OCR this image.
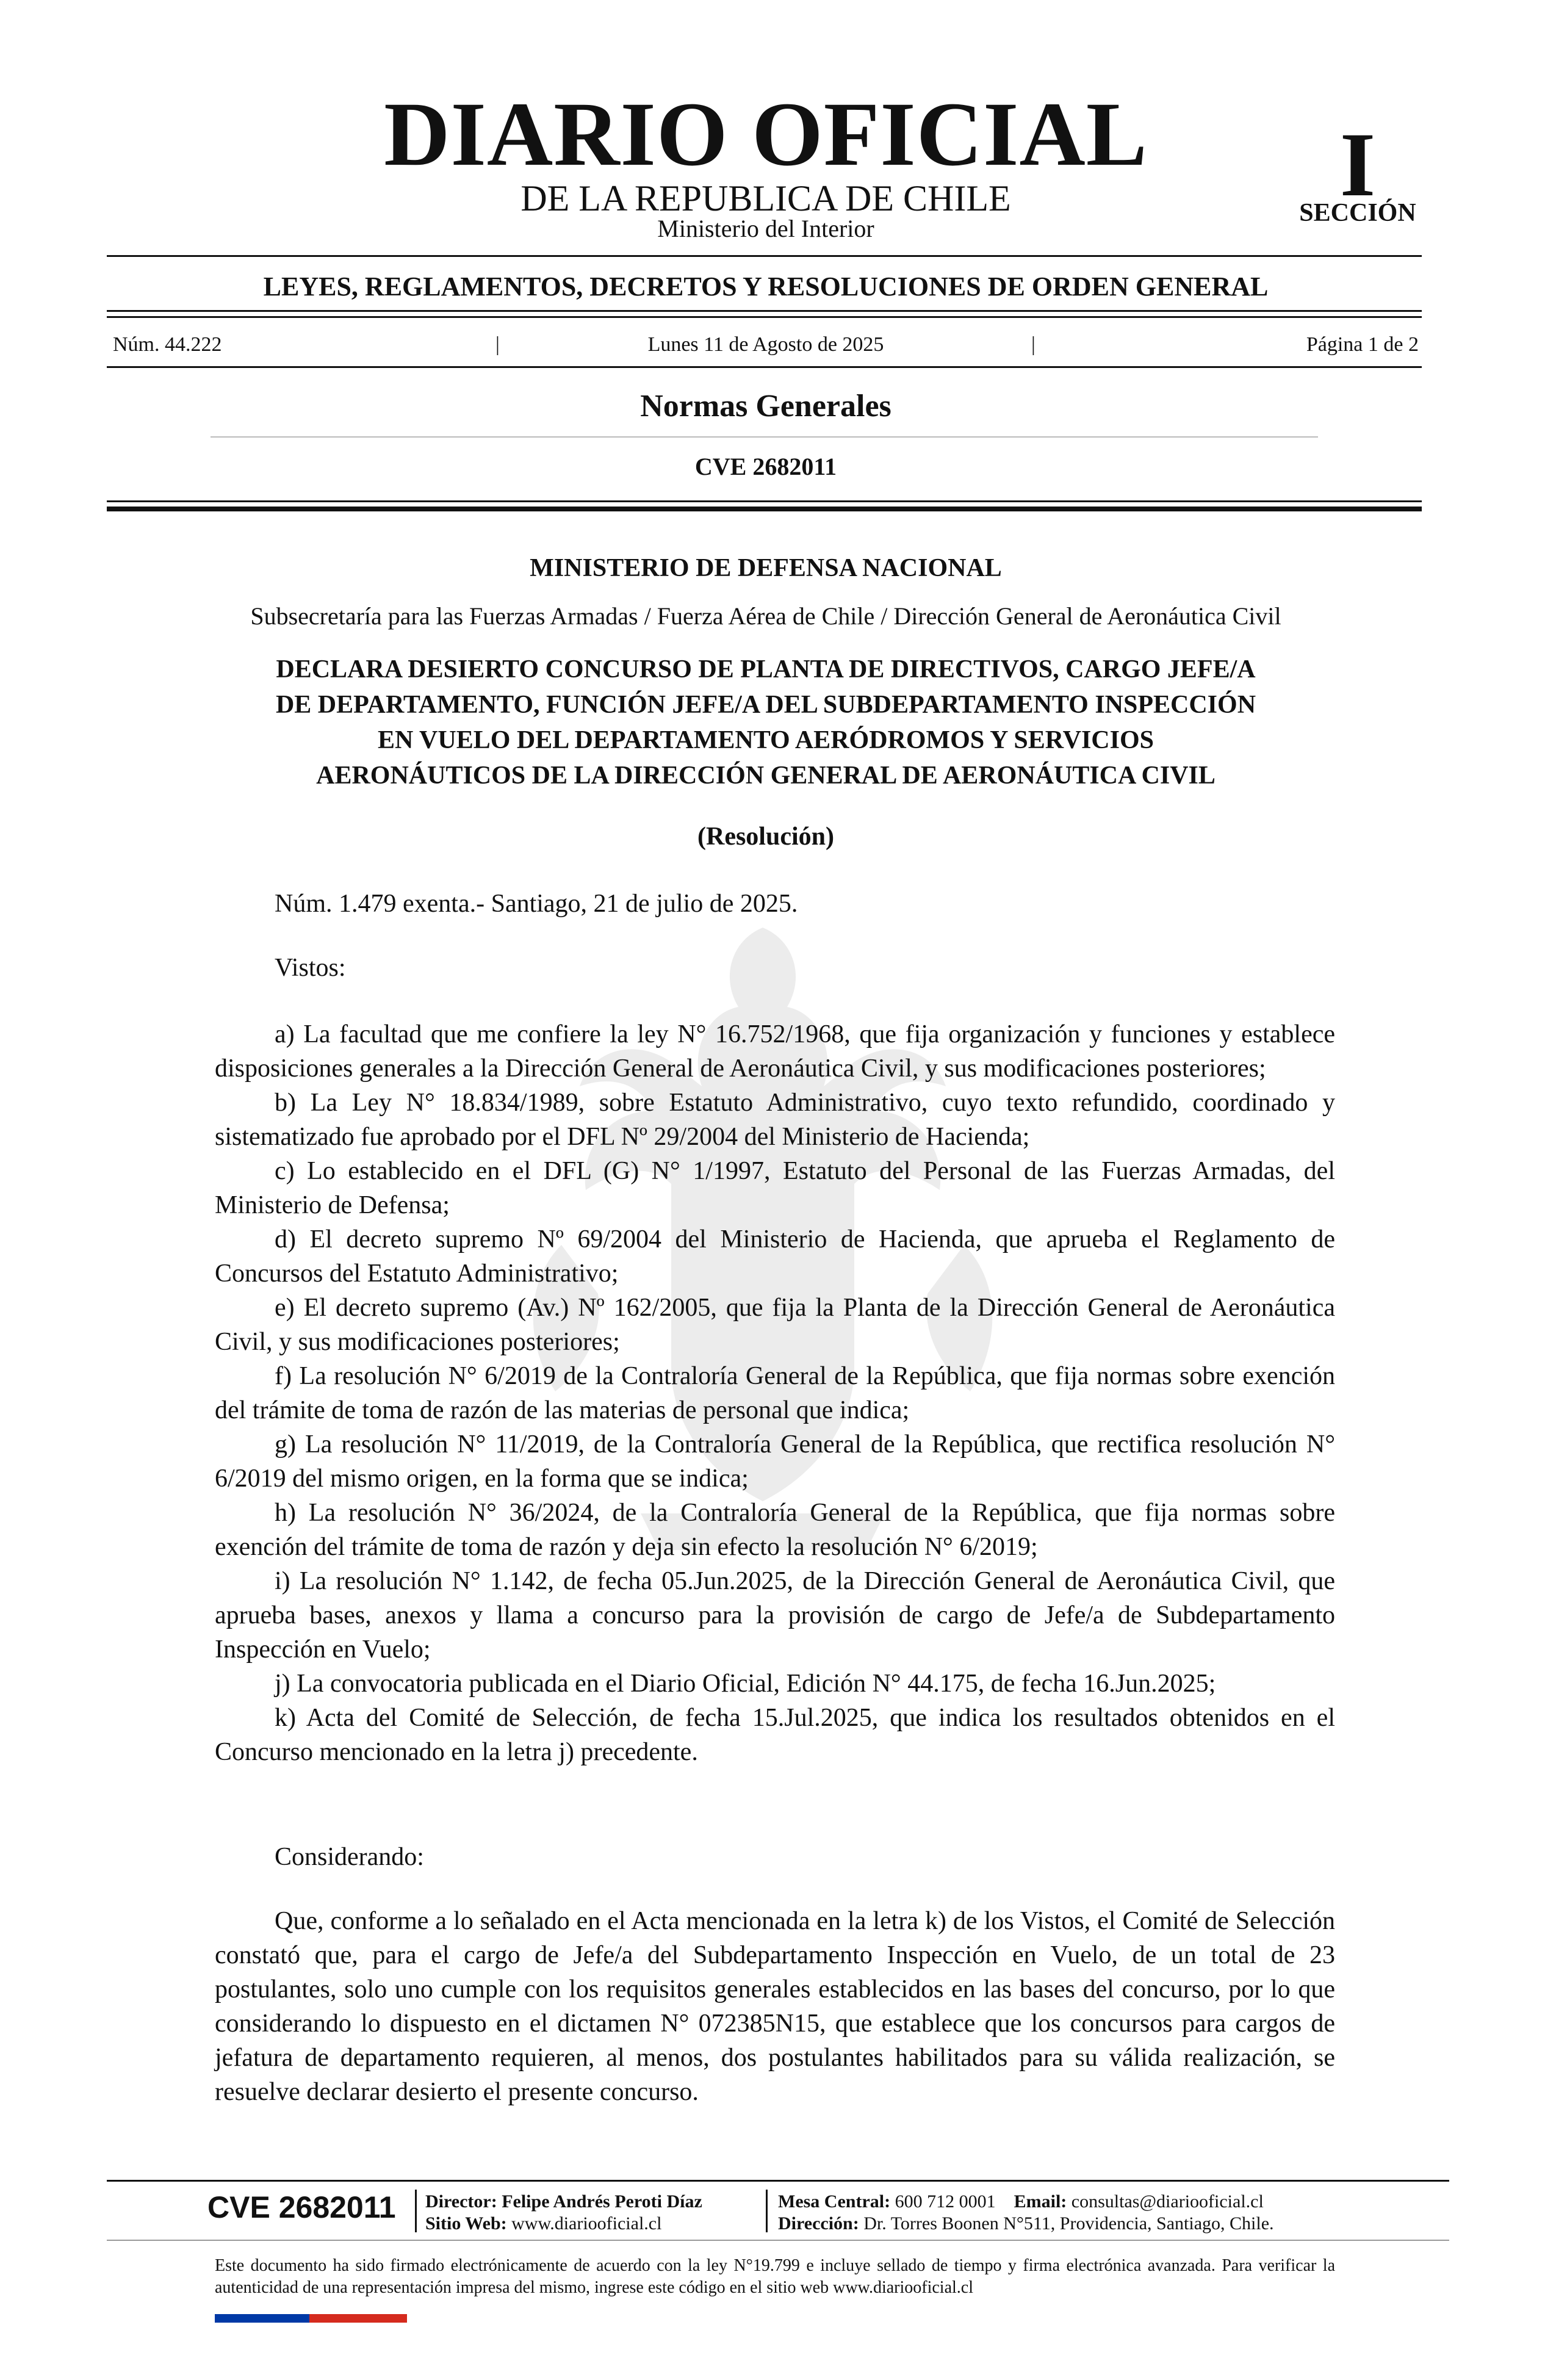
DIARIO OFICIAL
DE LA REPUBLICA DE CHILE
Ministerio del Interior
I
SECCIÓN
LEYES, REGLAMENTOS, DECRETOS Y RESOLUCIONES DE ORDEN GENERAL
Núm. 44.222	|	Lunes 11 de Agosto de 2025	|	Página 1 de 2
Normas Generales
CVE 2682011
MINISTERIO DE DEFENSA NACIONAL
Subsecretaría para las Fuerzas Armadas / Fuerza Aérea de Chile / Dirección General de Aeronáutica Civil
DECLARA DESIERTO CONCURSO DE PLANTA DE DIRECTIVOS, CARGO JEFE/A
DE DEPARTAMENTO, FUNCIÓN JEFE/A DEL SUBDEPARTAMENTO INSPECCIÓN
EN VUELO DEL DEPARTAMENTO AERÓDROMOS Y SERVICIOS
AERONÁUTICOS DE LA DIRECCIÓN GENERAL DE AERONÁUTICA CIVIL
(Resolución)
Núm. 1.479 exenta.- Santiago, 21 de julio de 2025.
Vistos:

a) La facultad que me confiere la ley N° 16.752/1968, que fija organización y funciones y establece disposiciones generales a la Dirección General de Aeronáutica Civil, y sus modificaciones posteriores;

b) La Ley N° 18.834/1989, sobre Estatuto Administrativo, cuyo texto refundido, coordinado y sistematizado fue aprobado por el DFL Nº 29/2004 del Ministerio de Hacienda;

c) Lo establecido en el DFL (G) N° 1/1997, Estatuto del Personal de las Fuerzas Armadas, del Ministerio de Defensa;

d) El decreto supremo Nº 69/2004 del Ministerio de Hacienda, que aprueba el Reglamento de Concursos del Estatuto Administrativo;

e) El decreto supremo (Av.) Nº 162/2005, que fija la Planta de la Dirección General de Aeronáutica Civil, y sus modificaciones posteriores;

f) La resolución N° 6/2019 de la Contraloría General de la República, que fija normas sobre exención del trámite de toma de razón de las materias de personal que indica;

g) La resolución N° 11/2019, de la Contraloría General de la República, que rectifica resolución N° 6/2019 del mismo origen, en la forma que se indica;

h) La resolución N° 36/2024, de la Contraloría General de la República, que fija normas sobre exención del trámite de toma de razón y deja sin efecto la resolución N° 6/2019;

i) La resolución N° 1.142, de fecha 05.Jun.2025, de la Dirección General de Aeronáutica Civil, que aprueba bases, anexos y llama a concurso para la provisión de cargo de Jefe/a de Subdepartamento Inspección en Vuelo;

j) La convocatoria publicada en el Diario Oficial, Edición N° 44.175, de fecha 16.Jun.2025;

k) Acta del Comité de Selección, de fecha 15.Jul.2025, que indica los resultados obtenidos en el Concurso mencionado en la letra j) precedente.

Considerando:

Que, conforme a lo señalado en el Acta mencionada en la letra k) de los Vistos, el Comité de Selección constató que, para el cargo de Jefe/a del Subdepartamento Inspección en Vuelo, de un total de 23 postulantes, solo uno cumple con los requisitos generales establecidos en las bases del concurso, por lo que considerando lo dispuesto en el dictamen N° 072385N15, que establece que los concursos para cargos de jefatura de departamento requieren, al menos, dos postulantes habilitados para su válida realización, se resuelve declarar desierto el presente concurso.

CVE 2682011 Director: Felipe Andrés Peroti Díaz
Sitio Web: www.diariooficial.cl
Mesa Central: 600 712 0001 Email: consultas@diariooficial.cl
Dirección: Dr. Torres Boonen N°511, Providencia, Santiago, Chile.
Este documento ha sido firmado electrónicamente de acuerdo con la ley N°19.799 e incluye sellado de tiempo y firma electrónica avanzada. Para verificar la autenticidad de una representación impresa del mismo, ingrese este código en el sitio web www.diariooficial.cl
